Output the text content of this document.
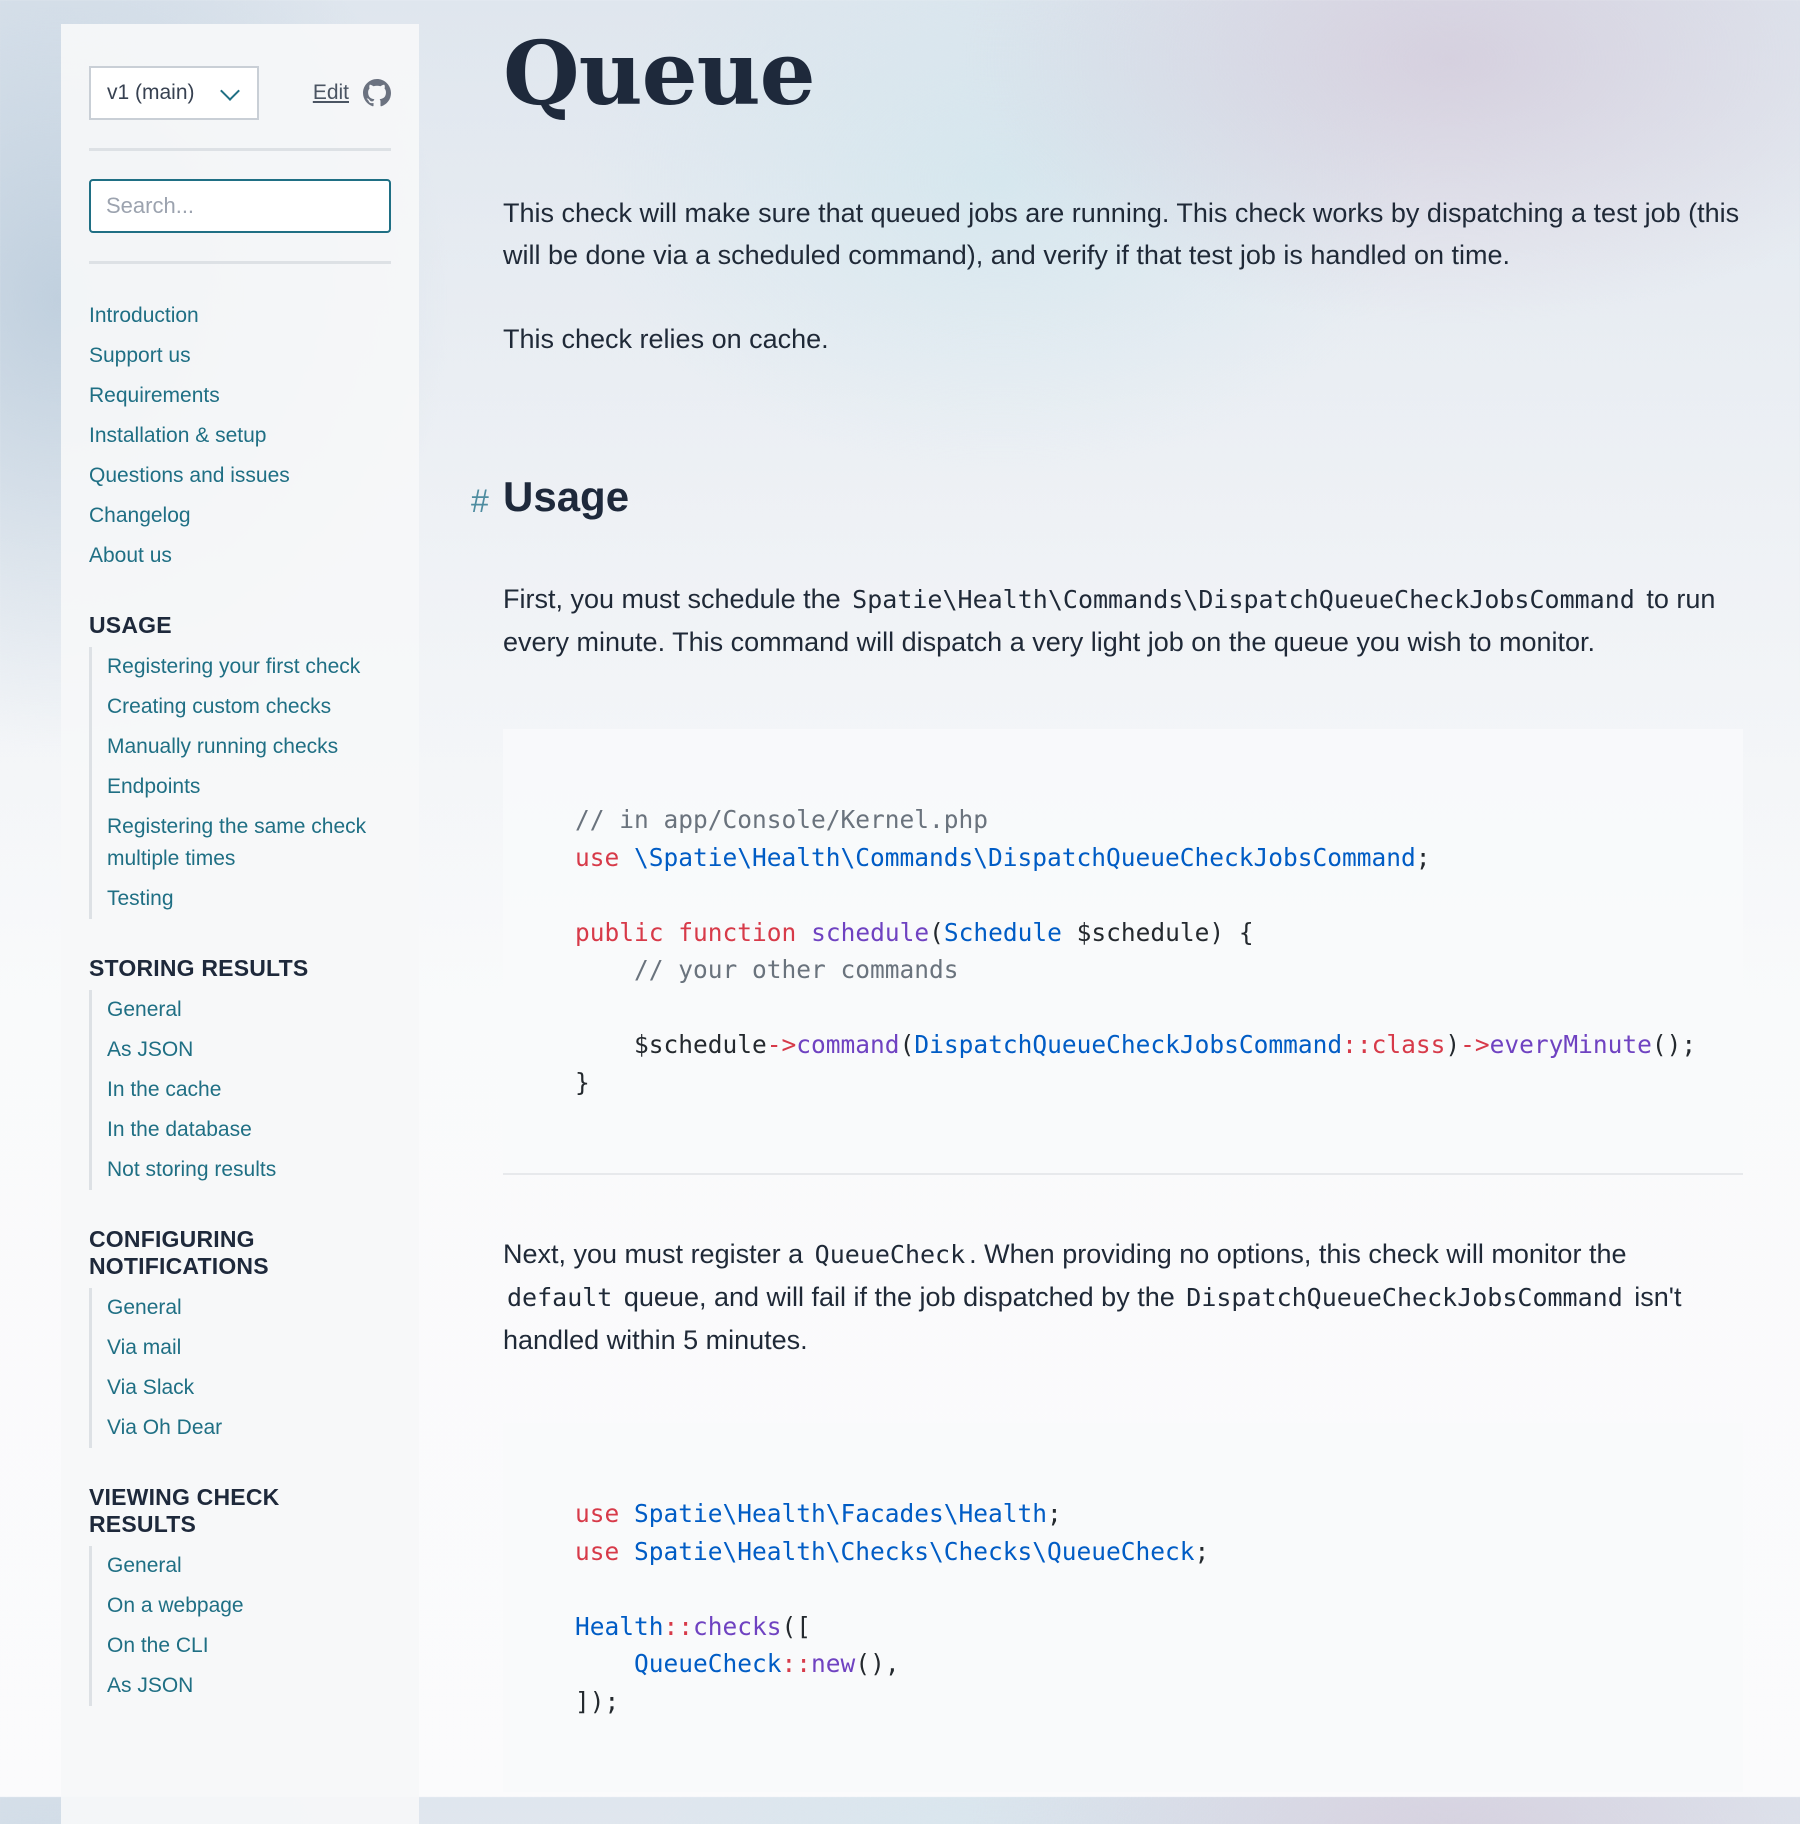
v1 (main)	Edit
Search...
Introduction
Support us
Requirements
Installation & setup
Questions and issues
Changelog
About us
USAGE
Registering your first check
Creating custom checks
Manually running checks
Endpoints
Registering the same check multiple times
Testing
STORING RESULTS
General
As JSON
In the cache
In the database
Not storing results
CONFIGURING NOTIFICATIONS
General
Via mail
Via Slack
Via Oh Dear
VIEWING CHECK RESULTS
General
On a webpage
On the CLI
As JSON
Queue

This check will make sure that queued jobs are running. This check works by dispatching a test job (this will be done via a scheduled command), and verify if that test job is handled on time.

This check relies on cache.

# Usage

First, you must schedule the Spatie\Health\Commands\DispatchQueueCheckJobsCommand to run every minute. This command will dispatch a very light job on the queue you wish to monitor.

// in app/Console/Kernel.php
use \Spatie\Health\Commands\DispatchQueueCheckJobsCommand;

public function schedule(Schedule $schedule) {
// your other commands

$schedule->command(DispatchQueueCheckJobsCommand::class)->everyMinute();
}

Next, you must register a QueueCheck . When providing no options, this check will monitor the default queue, and will fail if the job dispatched by the DispatchQueueCheckJobsCommand isn't handled within 5 minutes.

use Spatie\Health\Facades\Health;
use Spatie\Health\Checks\Checks\QueueCheck;

Health::checks([
QueueCheck::new(),
]);
